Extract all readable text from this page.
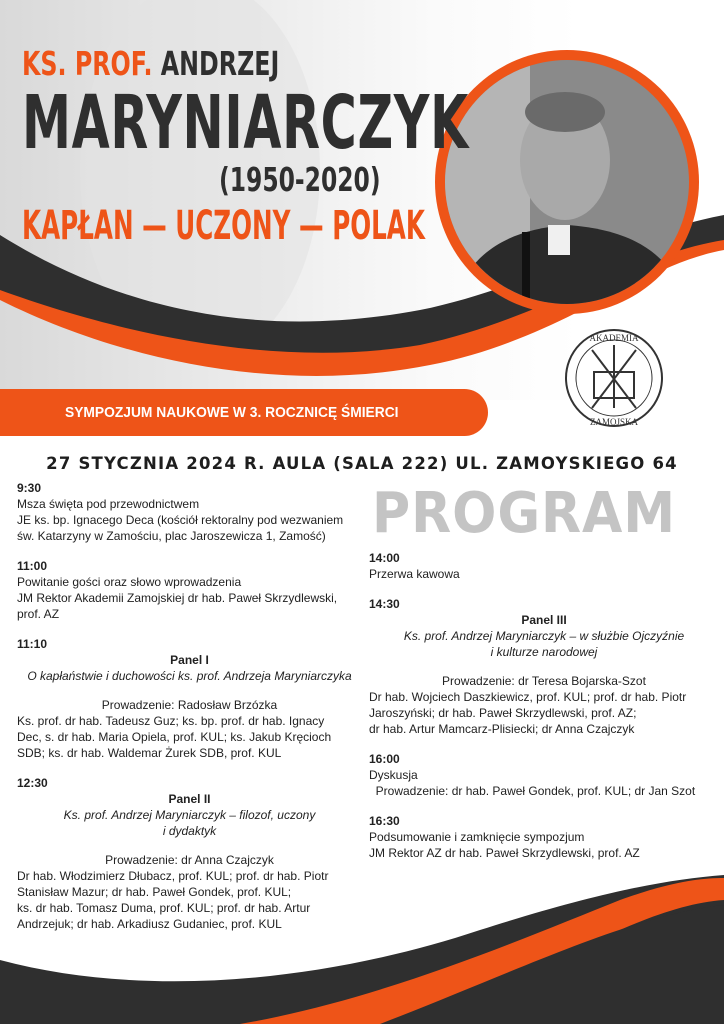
AKADEMIA
ZAMOJSKA
KS. PROF. ANDRZEJ
MARYNIARCZYK
(1950-2020)
KAPŁAN — UCZONY — POLAK
SYMPOZJUM NAUKOWE W 3. ROCZNICĘ ŚMIERCI
27 STYCZNIA 2024 R. AULA (SALA 222) UL. ZAMOYSKIEGO 64
PROGRAM
9:30
Msza święta pod przewodnictwem
JE ks. bp. Ignacego Deca (kościół rektoralny pod wezwaniem
św. Katarzyny w Zamościu, plac Jaroszewicza 1, Zamość)
11:00
Powitanie gości oraz słowo wprowadzenia
JM Rektor Akademii Zamojskiej dr hab. Paweł Skrzydlewski,
prof. AZ
11:10
Panel I
O kapłaństwie i duchowości ks. prof. Andrzeja Maryniarczyka
Prowadzenie: Radosław Brzózka
Ks. prof. dr hab. Tadeusz Guz; ks. bp. prof. dr hab. Ignacy
Dec, s. dr hab. Maria Opiela, prof. KUL; ks. Jakub Kręcioch
SDB; ks. dr hab. Waldemar Żurek SDB, prof. KUL
12:30
Panel II
Ks. prof. Andrzej Maryniarczyk – filozof, uczony
i dydaktyk
Prowadzenie: dr Anna Czajczyk
Dr hab. Włodzimierz Dłubacz, prof. KUL; prof. dr hab. Piotr
Stanisław Mazur; dr hab. Paweł Gondek, prof. KUL;
ks. dr hab. Tomasz Duma, prof. KUL; prof. dr hab. Artur
Andrzejuk; dr hab. Arkadiusz Gudaniec, prof. KUL
14:00
Przerwa kawowa
14:30
Panel III
Ks. prof. Andrzej Maryniarczyk – w służbie Ojczyźnie
i kulturze narodowej
Prowadzenie: dr Teresa Bojarska-Szot
Dr hab. Wojciech Daszkiewicz, prof. KUL; prof. dr hab. Piotr
Jaroszyński; dr hab. Paweł Skrzydlewski, prof. AZ;
dr hab. Artur Mamcarz-Plisiecki; dr Anna Czajczyk
16:00
Dyskusja
Prowadzenie: dr hab. Paweł Gondek, prof. KUL; dr Jan Szot
16:30
Podsumowanie i zamknięcie sympozjum
JM Rektor AZ dr hab. Paweł Skrzydlewski, prof. AZ
